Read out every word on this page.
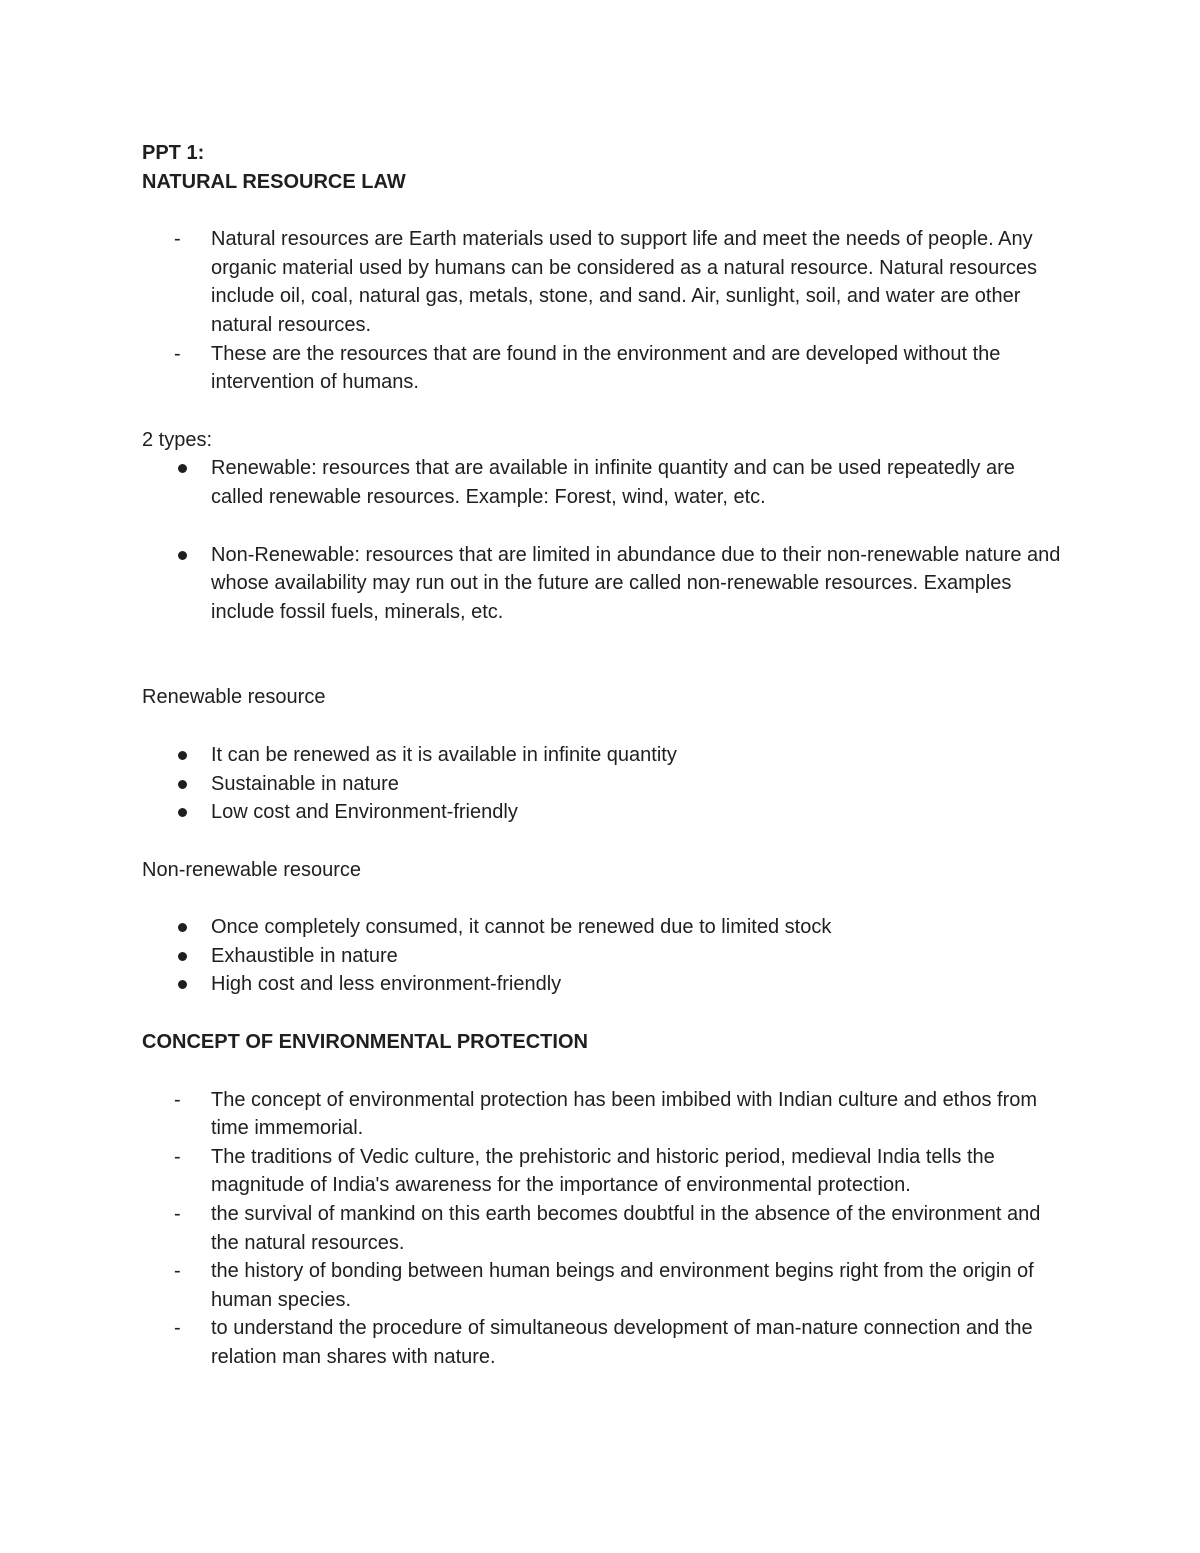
PPT 1:

NATURAL RESOURCE LAW

-	Natural resources are Earth materials used to support life and meet the needs of people. Any organic material used by humans can be considered as a natural resource. Natural resources include oil, coal, natural gas, metals, stone, and sand. Air, sunlight, soil, and water are other natural resources.
-	These are the resources that are found in the environment and are developed without the intervention of humans.

2 types:

Renewable: resources that are available in infinite quantity and can be used repeatedly are called renewable resources. Example: Forest, wind, water, etc.
Non-Renewable: resources that are limited in abundance due to their non-renewable nature and whose availability may run out in the future are called non-renewable resources. Examples include fossil fuels, minerals, etc.

Renewable resource

It can be renewed as it is available in infinite quantity
Sustainable in nature
Low cost and Environment-friendly

Non-renewable resource

Once completely consumed, it cannot be renewed due to limited stock
Exhaustible in nature
High cost and less environment-friendly

CONCEPT OF ENVIRONMENTAL PROTECTION

-	The concept of environmental protection has been imbibed with Indian culture and ethos from time immemorial.
-	The traditions of Vedic culture, the prehistoric and historic period, medieval India tells the magnitude of India's awareness for the importance of environmental protection.
-	the survival of mankind on this earth becomes doubtful in the absence of the environment and the natural resources.
-	the history of bonding between human beings and environment begins right from the origin of human species.
-	to understand the procedure of simultaneous development of man-nature connection and the relation man shares with nature.
